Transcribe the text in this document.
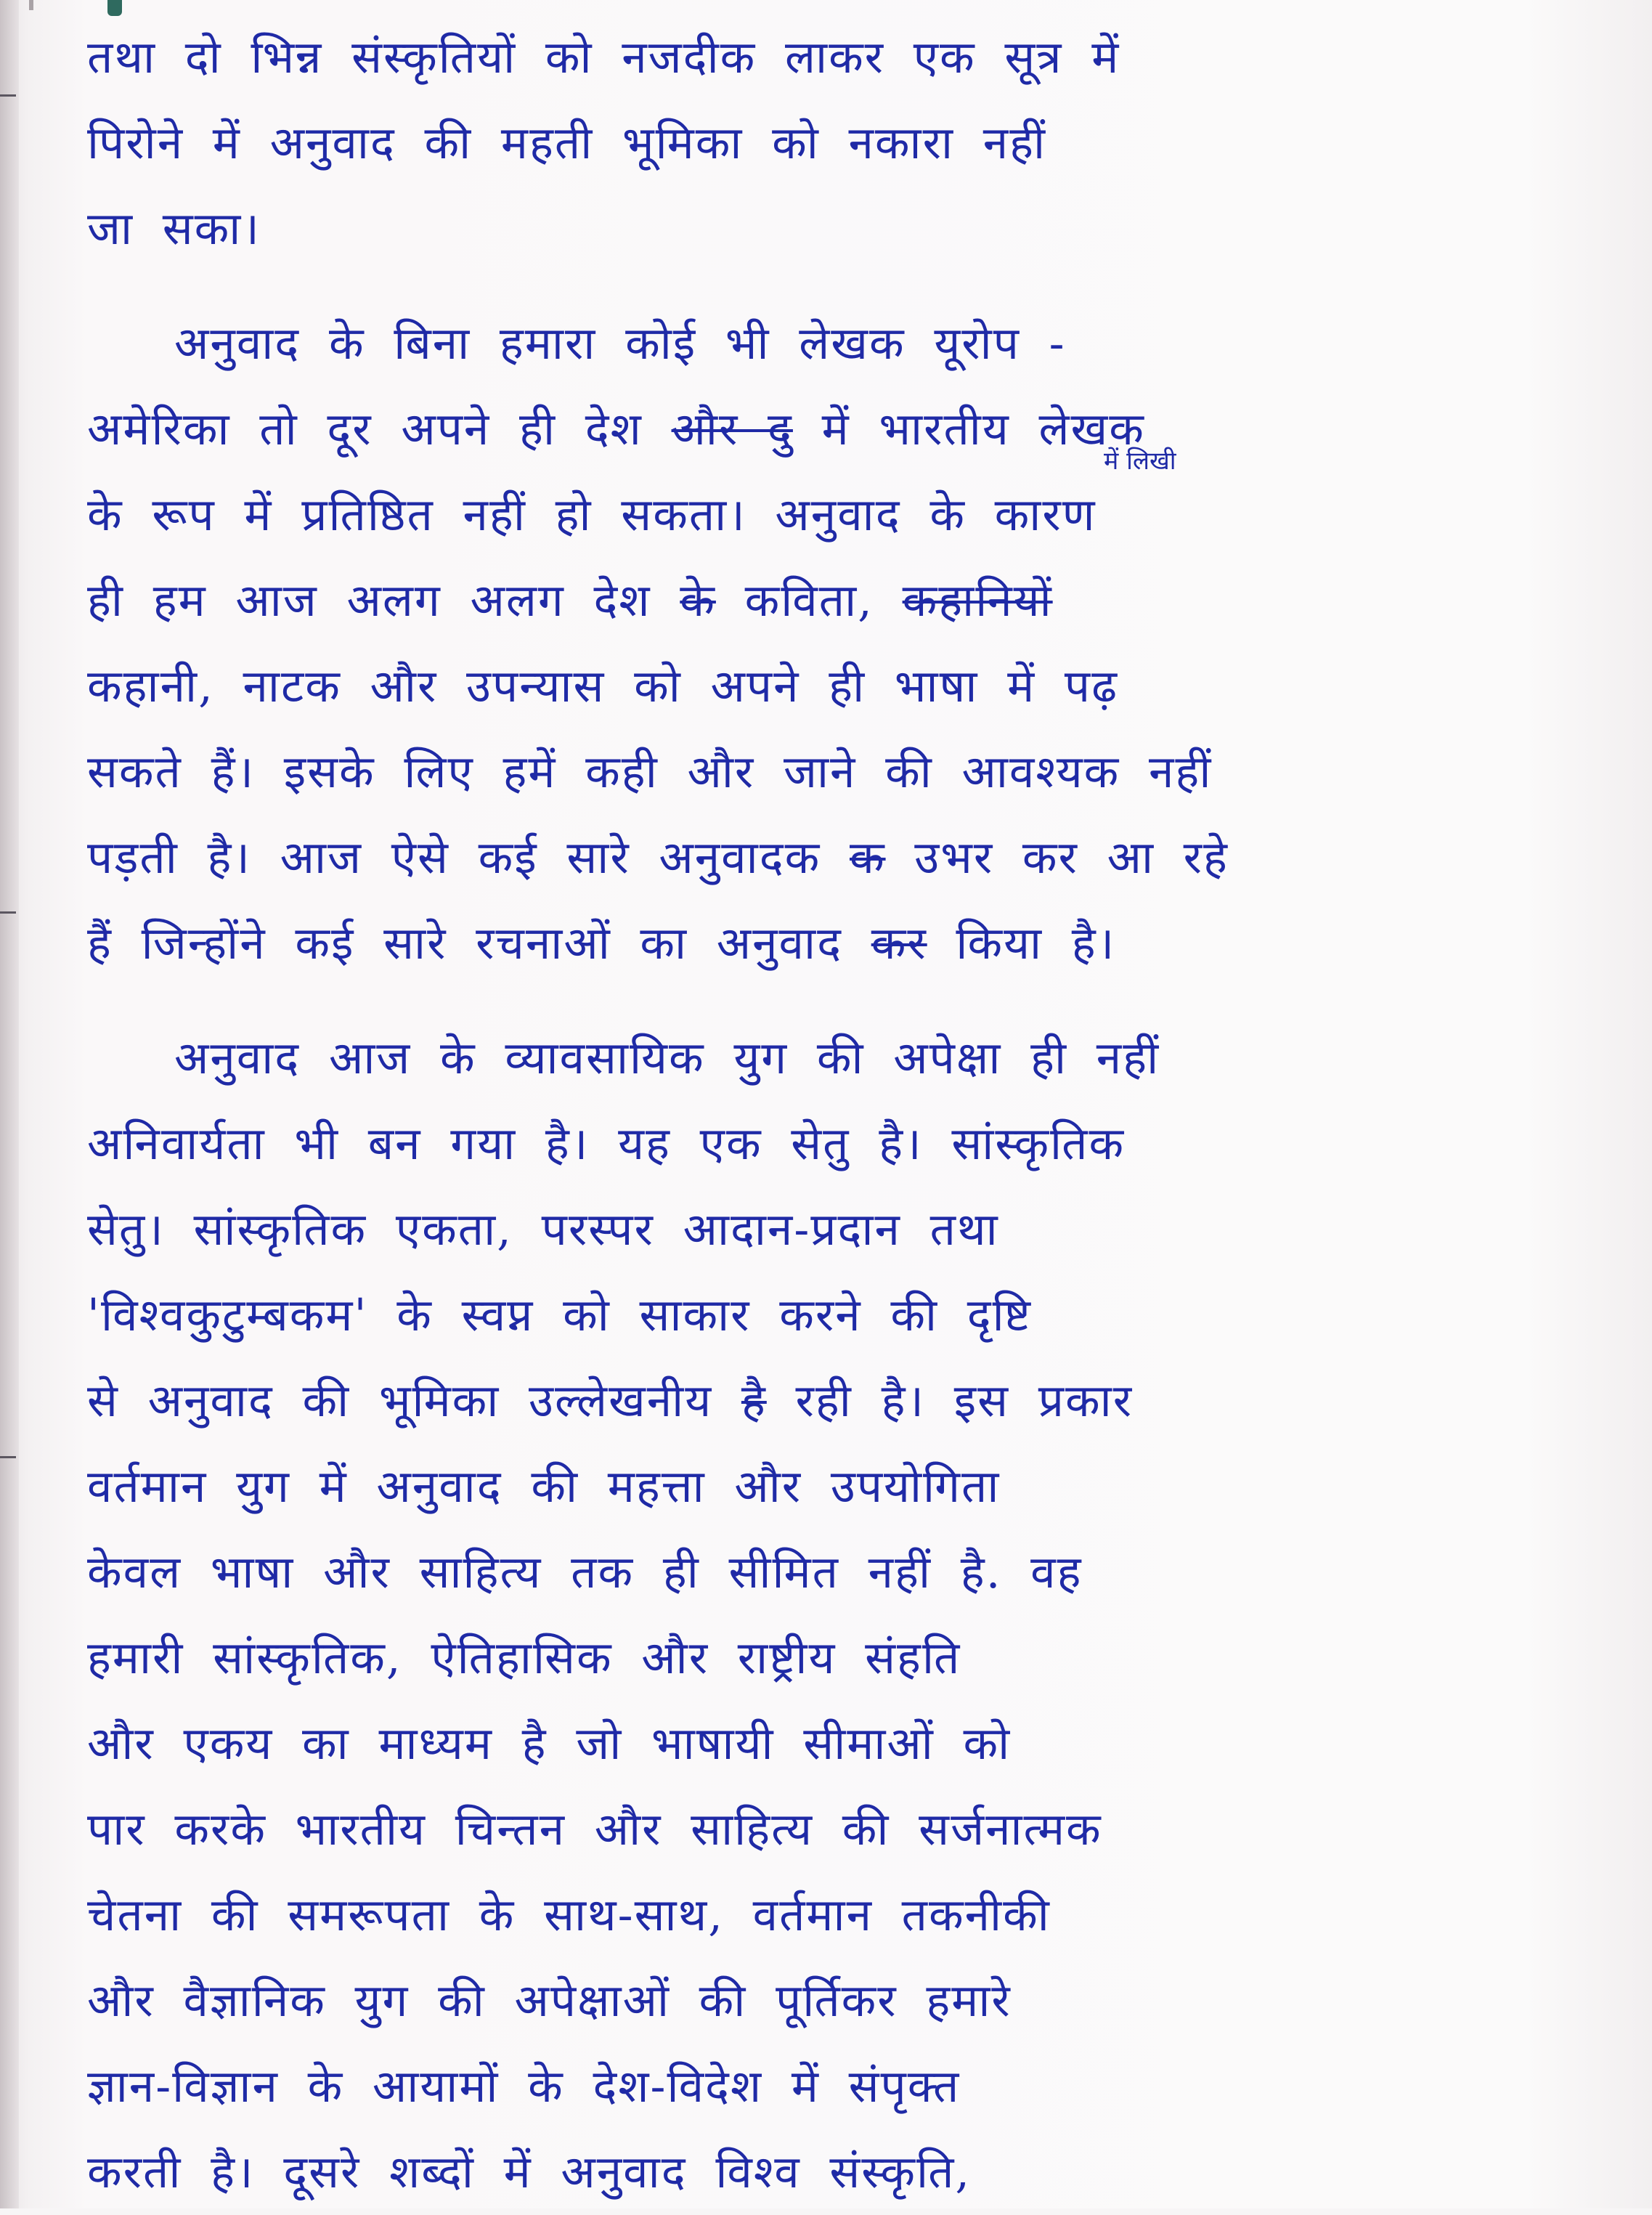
तथा दो भिन्न संस्कृतियों को नजदीक लाकर एक सूत्र में
पिरोने में अनुवाद की महती भूमिका को नकारा नहीं
जा सका।
अनुवाद के बिना हमारा कोई भी लेखक यूरोप -
अमेरिका तो दूर अपने ही देश और दु में भारतीय लेखक
के रूप में प्रतिष्ठित नहीं हो सकता। अनुवाद के कारण
ही हम आज अलग अलग देश के कविता, कहानियों
कहानी, नाटक और उपन्यास को अपने ही भाषा में पढ़
सकते हैं। इसके लिए हमें कही और जाने की आवश्यक नहीं
पड़ती है। आज ऐसे कई सारे अनुवादक क उभर कर आ रहे
हैं जिन्होंने कई सारे रचनाओं का अनुवाद कर किया है।
अनुवाद आज के व्यावसायिक युग की अपेक्षा ही नहीं
अनिवार्यता भी बन गया है। यह एक सेतु है। सांस्कृतिक
सेतु। सांस्कृतिक एकता, परस्पर आदान-प्रदान तथा
'विश्वकुटुम्बकम' के स्वप्न को साकार करने की दृष्टि
से अनुवाद की भूमिका उल्लेखनीय है रही है। इस प्रकार
वर्तमान युग में अनुवाद की महत्ता और उपयोगिता
केवल भाषा और साहित्य तक ही सीमित नहीं है. वह
हमारी सांस्कृतिक, ऐतिहासिक और राष्ट्रीय संहति
और एकय का माध्यम है जो भाषायी सीमाओं को
पार करके भारतीय चिन्तन और साहित्य की सर्जनात्मक
चेतना की समरूपता के साथ-साथ, वर्तमान तकनीकी
और वैज्ञानिक युग की अपेक्षाओं की पूर्तिकर हमारे
ज्ञान-विज्ञान के आयामों के देश-विदेश में संपृक्त
करती है। दूसरे शब्दों में अनुवाद विश्व संस्कृति,
में लिखी
